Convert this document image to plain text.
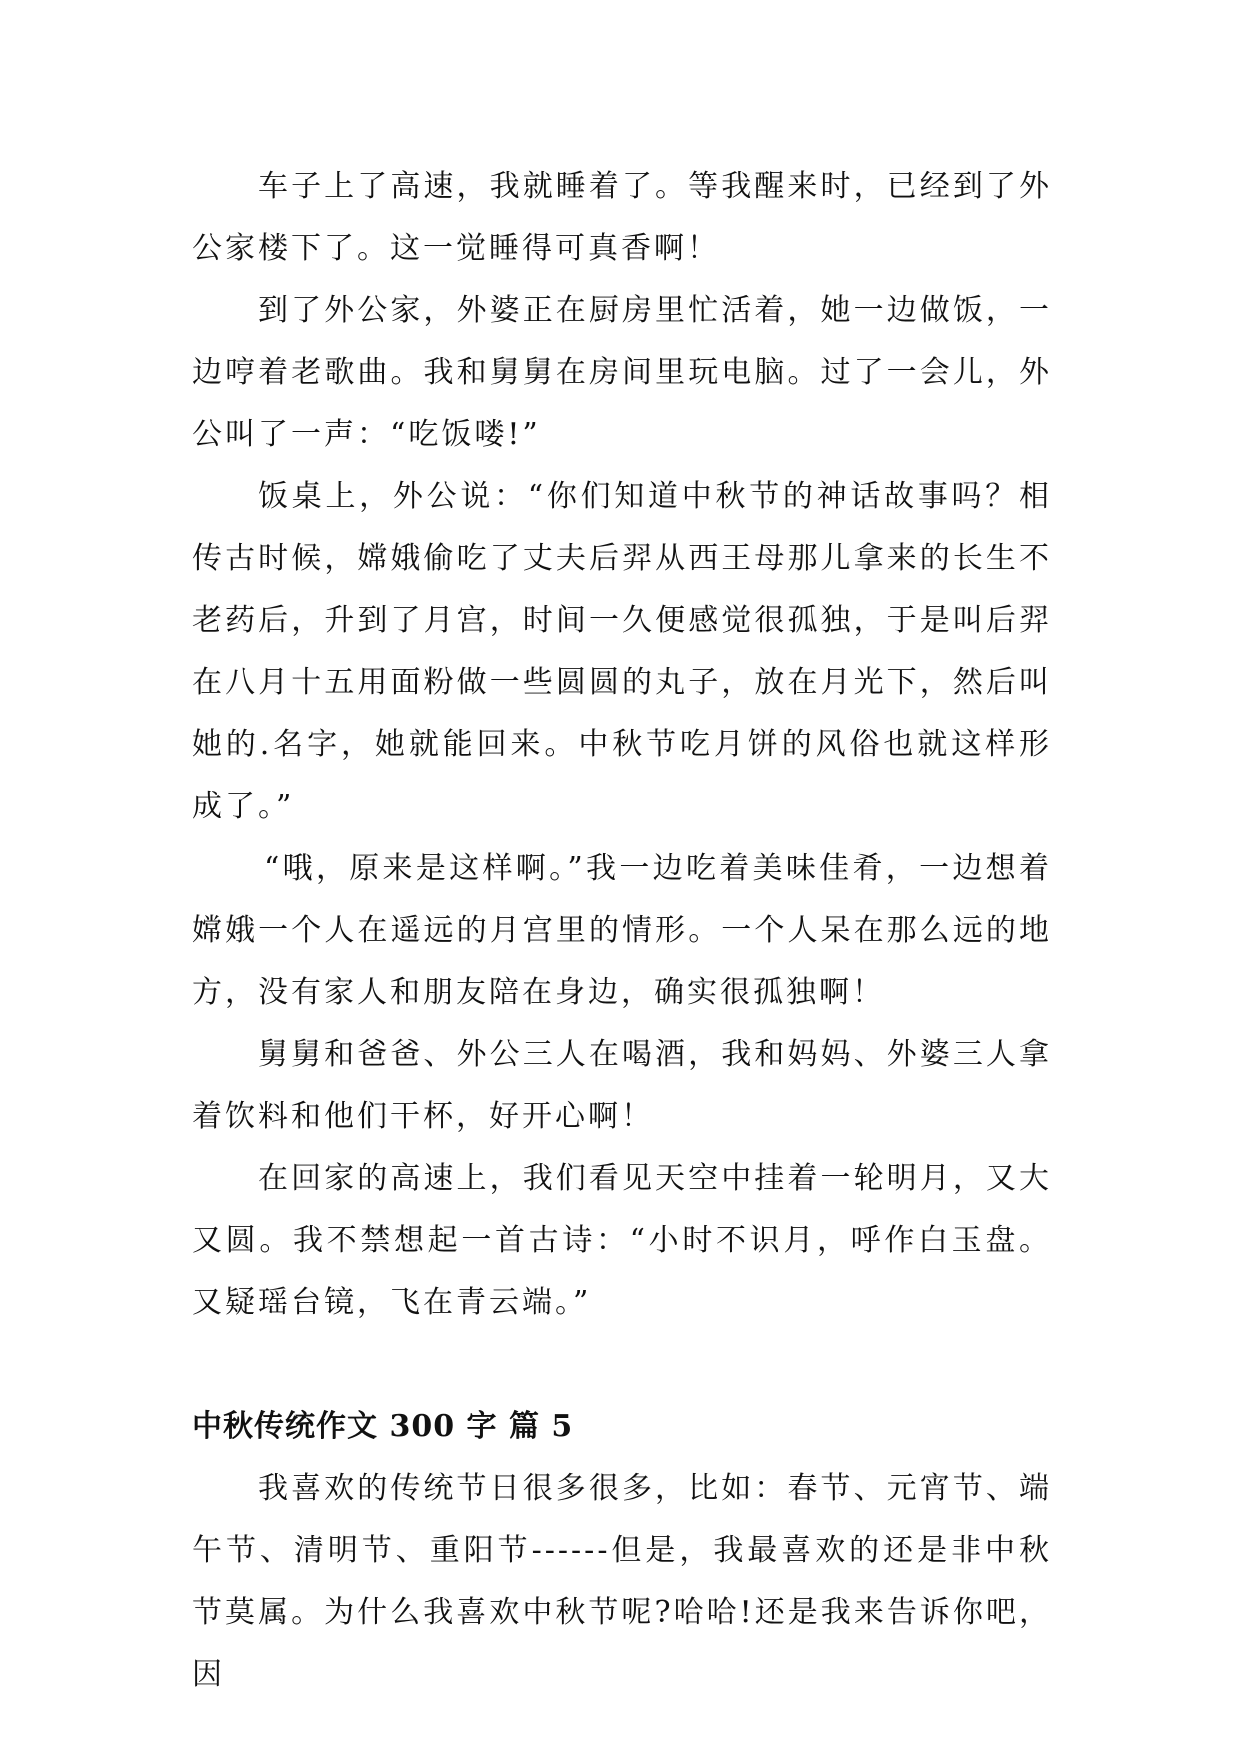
车子上了高速，我就睡着了。等我醒来时，已经到了外公家楼下了。这一觉睡得可真香啊！

到了外公家，外婆正在厨房里忙活着，她一边做饭，一边哼着老歌曲。我和舅舅在房间里玩电脑。过了一会儿，外公叫了一声：“吃饭喽!”

饭桌上，外公说：“你们知道中秋节的神话故事吗？相传古时候，嫦娥偷吃了丈夫后羿从西王母那儿拿来的长生不老药后，升到了月宫，时间一久便感觉很孤独，于是叫后羿在八月十五用面粉做一些圆圆的丸子，放在月光下，然后叫她的.名字，她就能回来。中秋节吃月饼的风俗也就这样形成了。”

“哦，原来是这样啊。”我一边吃着美味佳肴，一边想着嫦娥一个人在遥远的月宫里的情形。一个人呆在那么远的地方，没有家人和朋友陪在身边，确实很孤独啊！

舅舅和爸爸、外公三人在喝酒，我和妈妈、外婆三人拿着饮料和他们干杯，好开心啊！

在回家的高速上，我们看见天空中挂着一轮明月，又大又圆。我不禁想起一首古诗：“小时不识月，呼作白玉盘。又疑瑶台镜，飞在青云端。”

中秋传统作文 300 字 篇 5

我喜欢的传统节日很多很多，比如：春节、元宵节、端午节、清明节、重阳节------但是，我最喜欢的还是非中秋节莫属。为什么我喜欢中秋节呢?哈哈!还是我来告诉你吧，因
